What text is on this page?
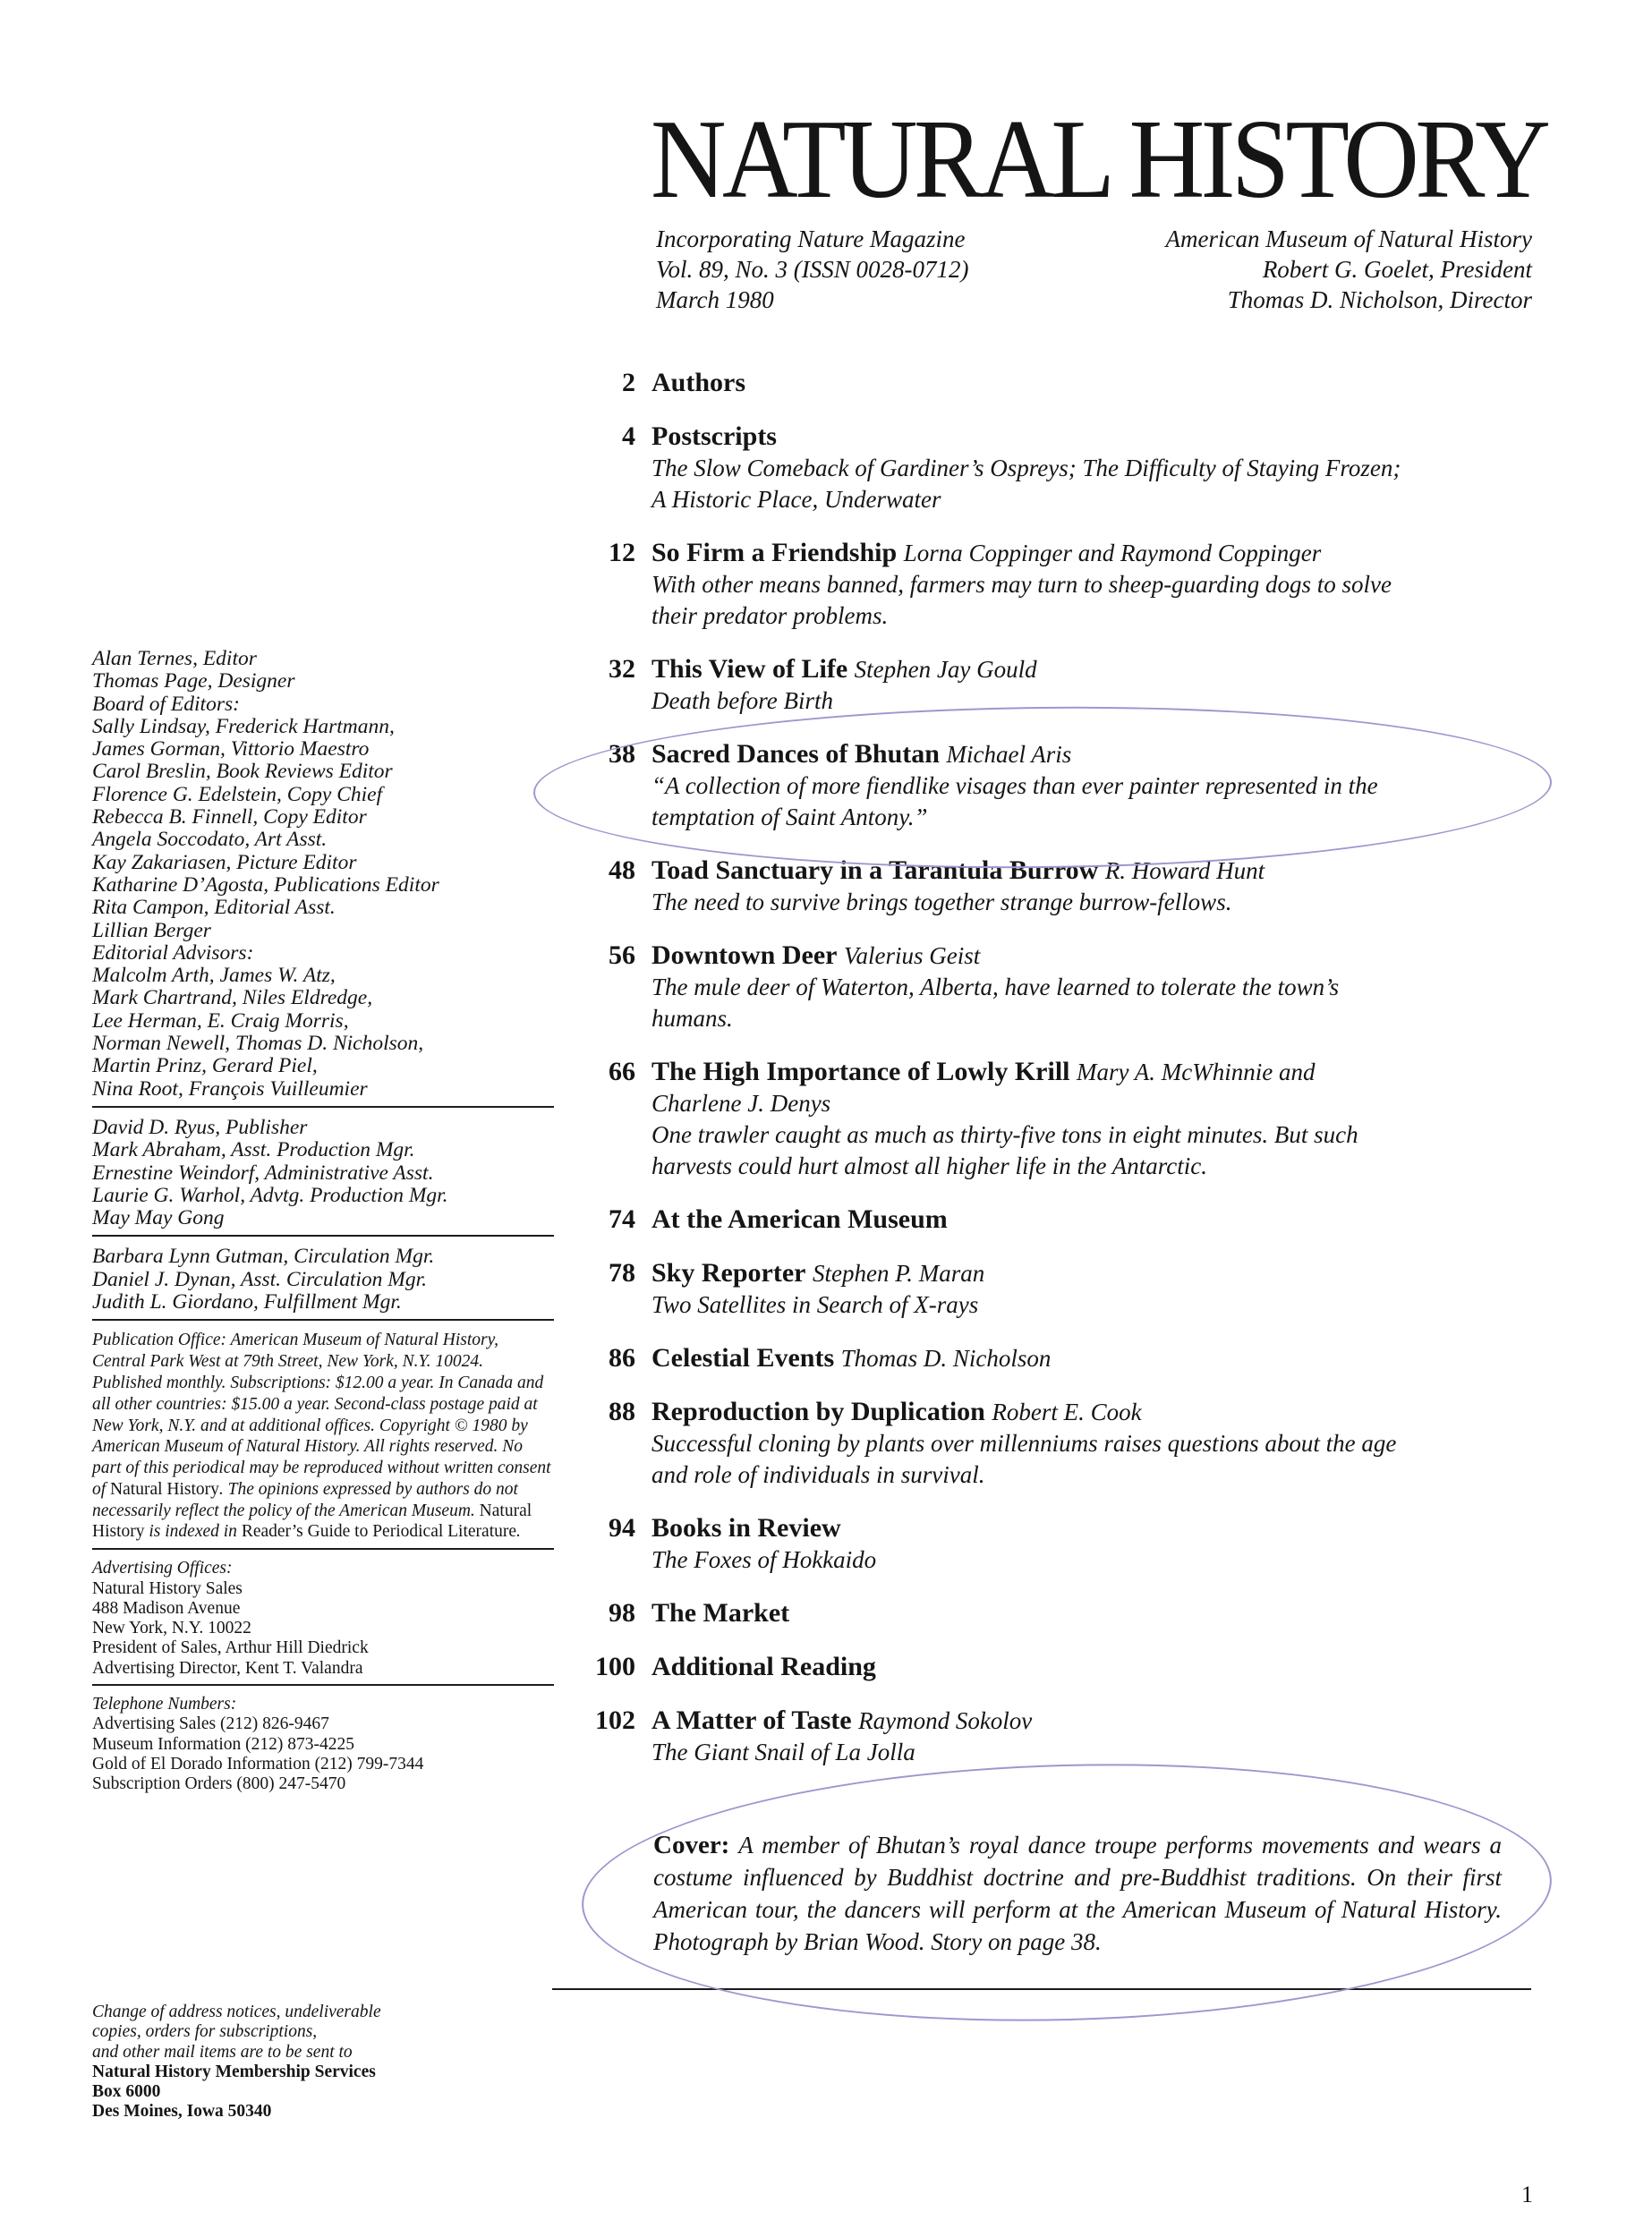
NATURAL HISTORY
Incorporating Nature Magazine
Vol. 89, No. 3 (ISSN 0028-0712)
March 1980
American Museum of Natural History
Robert G. Goelet, President
Thomas D. Nicholson, Director
2 Authors
4 Postscripts
The Slow Comeback of Gardiner’s Ospreys; The Difficulty of Staying Frozen;
A Historic Place, Underwater
12 So Firm a Friendship Lorna Coppinger and Raymond Coppinger
With other means banned, farmers may turn to sheep-guarding dogs to solve
their predator problems.
32 This View of Life Stephen Jay Gould
Death before Birth
38 Sacred Dances of Bhutan Michael Aris
“A collection of more fiendlike visages than ever painter represented in the
temptation of Saint Antony.”
48 Toad Sanctuary in a Tarantula Burrow R. Howard Hunt
The need to survive brings together strange burrow-fellows.
56 Downtown Deer Valerius Geist
The mule deer of Waterton, Alberta, have learned to tolerate the town’s
humans.
66 The High Importance of Lowly Krill Mary A. McWhinnie and
Charlene J. Denys
One trawler caught as much as thirty-five tons in eight minutes. But such
harvests could hurt almost all higher life in the Antarctic.
74 At the American Museum
78 Sky Reporter Stephen P. Maran
Two Satellites in Search of X-rays
86 Celestial Events Thomas D. Nicholson
88 Reproduction by Duplication Robert E. Cook
Successful cloning by plants over millenniums raises questions about the age
and role of individuals in survival.
94 Books in Review
The Foxes of Hokkaido
98 The Market
100 Additional Reading
102 A Matter of Taste Raymond Sokolov
The Giant Snail of La Jolla
Cover: A member of Bhutan’s royal dance troupe performs movements and wears a costume influenced by Buddhist doctrine and pre-Buddhist traditions. On their first American tour, the dancers will perform at the American Museum of Natural History. Photograph by Brian Wood. Story on page 38.
Alan Ternes, Editor
Thomas Page, Designer
Board of Editors:
Sally Lindsay, Frederick Hartmann,
James Gorman, Vittorio Maestro
Carol Breslin, Book Reviews Editor
Florence G. Edelstein, Copy Chief
Rebecca B. Finnell, Copy Editor
Angela Soccodato, Art Asst.
Kay Zakariasen, Picture Editor
Katharine D’Agosta, Publications Editor
Rita Campon, Editorial Asst.
Lillian Berger
Editorial Advisors:
Malcolm Arth, James W. Atz,
Mark Chartrand, Niles Eldredge,
Lee Herman, E. Craig Morris,
Norman Newell, Thomas D. Nicholson,
Martin Prinz, Gerard Piel,
Nina Root, François Vuilleumier
David D. Ryus, Publisher
Mark Abraham, Asst. Production Mgr.
Ernestine Weindorf, Administrative Asst.
Laurie G. Warhol, Advtg. Production Mgr.
May May Gong
Barbara Lynn Gutman, Circulation Mgr.
Daniel J. Dynan, Asst. Circulation Mgr.
Judith L. Giordano, Fulfillment Mgr.
Publication Office: American Museum of Natural History, Central Park West at 79th Street, New York, N.Y. 10024. Published monthly. Subscriptions: $12.00 a year. In Canada and all other countries: $15.00 a year. Second-class postage paid at New York, N.Y. and at additional offices. Copyright © 1980 by American Museum of Natural History. All rights reserved. No part of this periodical may be reproduced without written consent of Natural History. The opinions expressed by authors do not necessarily reflect the policy of the American Museum. Natural History is indexed in Reader’s Guide to Periodical Literature.
Advertising Offices:
Natural History Sales
488 Madison Avenue
New York, N.Y. 10022
President of Sales, Arthur Hill Diedrick
Advertising Director, Kent T. Valandra
Telephone Numbers:
Advertising Sales (212) 826-9467
Museum Information (212) 873-4225
Gold of El Dorado Information (212) 799-7344
Subscription Orders (800) 247-5470
Change of address notices, undeliverable
copies, orders for subscriptions,
and other mail items are to be sent to
Natural History Membership Services
Box 6000
Des Moines, Iowa 50340
1
